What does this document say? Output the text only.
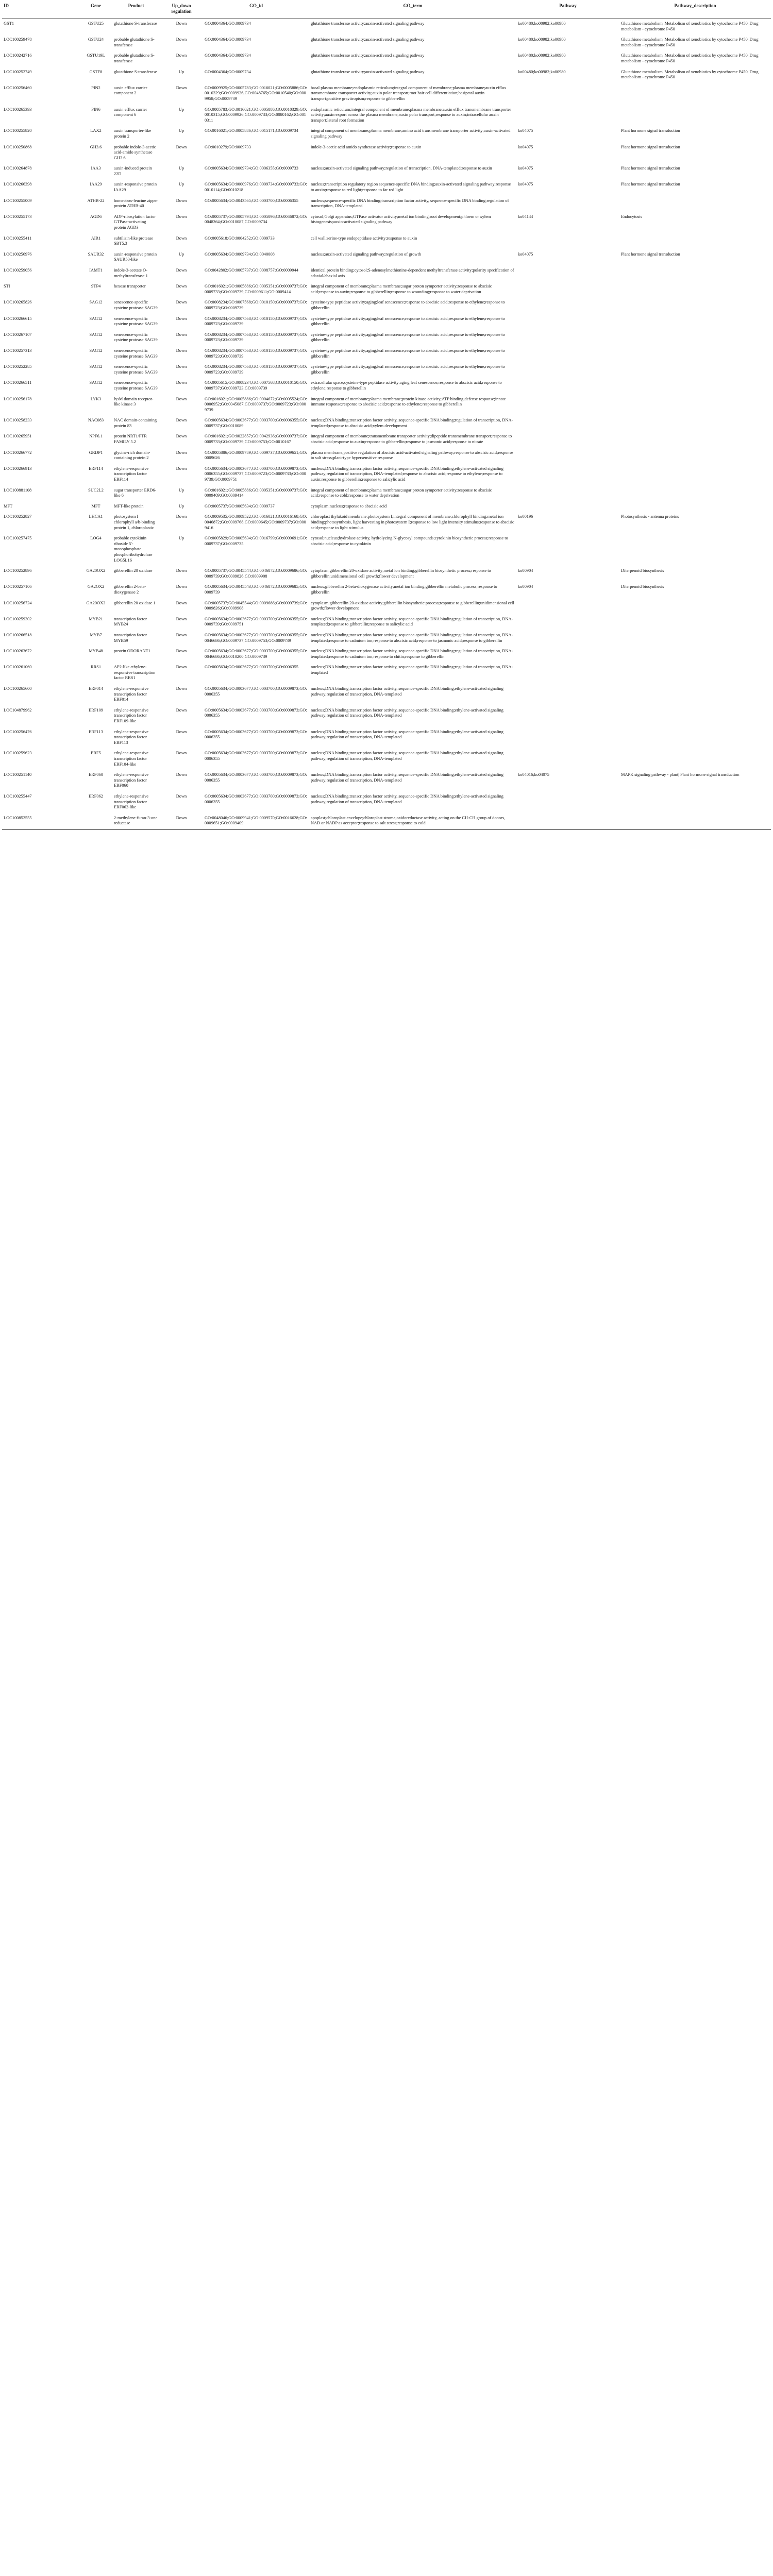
ID	Gene	Product	Up_down regulation	GO_id	GO_term	Pathway	Pathway_description
GST1	GSTU25	glutathione S-transferase	Down	GO:0004364;GO:0009734	glutathione transferase activity;auxin-activated signaling pathway	ko00480;ko00982;ko00980	Glutathione metabolism| Metabolism of xenobiotics by cytochrome P450| Drug metabolism - cytochrome P450
LOC100259478	GSTU24	probable glutathione S-transferase	Down	GO:0004364;GO:0009734	glutathione transferase activity;auxin-activated signaling pathway	ko00480;ko00982;ko00980	Glutathione metabolism| Metabolism of xenobiotics by cytochrome P450| Drug metabolism - cytochrome P450
LOC100242716	GSTU19L	probable glutathione S-transferase	Down	GO:0004364;GO:0009734	glutathione transferase activity;auxin-activated signaling pathway	ko00480;ko00982;ko00980	Glutathione metabolism| Metabolism of xenobiotics by cytochrome P450| Drug metabolism - cytochrome P450
LOC100252749	GSTF8	glutathione S-transferase	Up	GO:0004364;GO:0009734	glutathione transferase activity;auxin-activated signaling pathway	ko00480;ko00982;ko00980	Glutathione metabolism| Metabolism of xenobiotics by cytochrome P450| Drug metabolism - cytochrome P450
LOC100256460	PIN2	auxin efflux carrier component 2	Down	GO:0009925;GO:0005783;GO:0016021;GO:0005886;GO:0010329;GO:0009926;GO:0048765;GO:0010540;GO:0009958;GO:0009739	basal plasma membrane;endoplasmic reticulum;integral component of membrane;plasma membrane;auxin efflux transmembrane transporter activity;auxin polar transport;root hair cell differentiation;basipetal auxin transport;positive gravitropism;response to gibberellin		
LOC100265393	PIN6	auxin efflux carrier component 6	Up	GO:0005783;GO:0016021;GO:0005886;GO:0010329;GO:0010315;GO:0009926;GO:0009733;GO:0080162;GO:0010311	endoplasmic reticulum;integral component of membrane;plasma membrane;auxin efflux transmembrane transporter activity;auxin export across the plasma membrane;auxin polar transport;response to auxin;intracellular auxin transport;lateral root formation		
LOC100255820	LAX2	auxin transporter-like protein 2	Up	GO:0016021;GO:0005886;GO:0015171;GO:0009734	integral component of membrane;plasma membrane;amino acid transmembrane transporter activity;auxin-activated signaling pathway	ko04075	Plant hormone signal transduction
LOC100250868	GH3.6	probable indole-3-acetic acid-amido synthetase GH3.6	Down	GO:0010279;GO:0009733	indole-3-acetic acid amido synthetase activity;response to auxin	ko04075	Plant hormone signal transduction
LOC100264878	IAA3	auxin-induced protein 22D	Up	GO:0005634;GO:0009734;GO:0006355;GO:0009733	nucleus;auxin-activated signaling pathway;regulation of transcription, DNA-templated;response to auxin	ko04075	Plant hormone signal transduction
LOC100266398	IAA29	auxin-responsive protein IAA29	Up	GO:0005634;GO:0000976;GO:0009734;GO:0009733;GO:0010114;GO:0010218	nucleus;transcription regulatory region sequence-specific DNA binding;auxin-activated signaling pathway;response to auxin;response to red light;response to far red light	ko04075	Plant hormone signal transduction
LOC100255009	ATHB-22	homeobox-leucine zipper protein ATHB-40	Down	GO:0005634;GO:0043565;GO:0003700;GO:0006355	nucleus;sequence-specific DNA binding;transcription factor activity, sequence-specific DNA binding;regulation of transcription, DNA-templated		
LOC100255173	AGD6	ADP-ribosylation factor GTPase-activating protein AGD3	Down	GO:0005737;GO:0005794;GO:0005096;GO:0046872;GO:0048364;GO:0010087;GO:0009734	cytosol;Golgi apparatus;GTPase activator activity;metal ion binding;root development;phloem or xylem histogenesis;auxin-activated signaling pathway	ko04144	Endocytosis
LOC100255411	AIR1	subtilisin-like protease SBT5.3	Down	GO:0005618;GO:0004252;GO:0009733	cell wall;serine-type endopeptidase activity;response to auxin		
LOC100256976	SAUR32	auxin-responsive protein SAUR50-like	Up	GO:0005634;GO:0009734;GO:0040008	nucleus;auxin-activated signaling pathway;regulation of growth	ko04075	Plant hormone signal transduction
LOC100259056	IAMT1	indole-3-acetate O-methyltransferase 1	Down	GO:0042802;GO:0005737;GO:0008757;GO:0009944	identical protein binding;cytosol;S-adenosylmethionine-dependent methyltransferase activity;polarity specification of adaxial/abaxial axis		
STI	STP4	hexose transporter	Down	GO:0016021;GO:0005886;GO:0005351;GO:0009737;GO:0009733;GO:0009739;GO:0009611;GO:0009414	integral component of membrane;plasma membrane;sugar:proton symporter activity;response to abscisic acid;response to auxin;response to gibberellin;response to wounding;response to water deprivation		
LOC100265826	SAG12	senescence-specific cysteine protease SAG39	Down	GO:0008234;GO:0007568;GO:0010150;GO:0009737;GO:0009723;GO:0009739	cysteine-type peptidase activity;aging;leaf senescence;response to abscisic acid;response to ethylene;response to gibberellin		
LOC100266615	SAG12	senescence-specific cysteine protease SAG39	Down	GO:0008234;GO:0007568;GO:0010150;GO:0009737;GO:0009723;GO:0009739	cysteine-type peptidase activity;aging;leaf senescence;response to abscisic acid;response to ethylene;response to gibberellin		
LOC100267107	SAG12	senescence-specific cysteine protease SAG39	Down	GO:0008234;GO:0007568;GO:0010150;GO:0009737;GO:0009723;GO:0009739	cysteine-type peptidase activity;aging;leaf senescence;response to abscisic acid;response to ethylene;response to gibberellin		
LOC100257313	SAG12	senescence-specific cysteine protease SAG39	Down	GO:0008234;GO:0007568;GO:0010150;GO:0009737;GO:0009723;GO:0009739	cysteine-type peptidase activity;aging;leaf senescence;response to abscisic acid;response to ethylene;response to gibberellin		
LOC100252285	SAG12	senescence-specific cysteine protease SAG39	Down	GO:0008234;GO:0007568;GO:0010150;GO:0009737;GO:0009723;GO:0009739	cysteine-type peptidase activity;aging;leaf senescence;response to abscisic acid;response to ethylene;response to gibberellin		
LOC100266511	SAG12	senescence-specific cysteine protease SAG39	Down	GO:0005615;GO:0008234;GO:0007568;GO:0010150;GO:0009737;GO:0009723;GO:0009739	extracellular space;cysteine-type peptidase activity;aging;leaf senescence;response to abscisic acid;response to ethylene;response to gibberellin		
LOC100256178	LYK3	lysM domain receptor-like kinase 3	Down	GO:0016021;GO:0005886;GO:0004672;GO:0005524;GO:0006952;GO:0045087;GO:0009737;GO:0009723;GO:0009739	integral component of membrane;plasma membrane;protein kinase activity;ATP binding;defense response;innate immune response;response to abscisic acid;response to ethylene;response to gibberellin		
LOC100258233	NAC083	NAC domain-containing protein 83	Down	GO:0005634;GO:0003677;GO:0003700;GO:0006355;GO:0009737;GO:0010089	nucleus;DNA binding;transcription factor activity, sequence-specific DNA binding;regulation of transcription, DNA-templated;response to abscisic acid;xylem development		
LOC100265951	NPF6.1	protein NRT1/PTR FAMILY 5.2	Down	GO:0016021;GO:0022857;GO:0042936;GO:0009737;GO:0009733;GO:0009739;GO:0009753;GO:0010167	integral component of membrane;transmembrane transporter activity;dipeptide transmembrane transport;response to abscisic acid;response to auxin;response to gibberellin;response to jasmonic acid;response to nitrate		
LOC100266772	GRDP1	glycine-rich domain-containing protein 2	Down	GO:0005886;GO:0009789;GO:0009737;GO:0009651;GO:0009626	plasma membrane;positive regulation of abscisic acid-activated signaling pathway;response to abscisic acid;response to salt stress;plant-type hypersensitive response		
LOC100266913	ERF114	ethylene-responsive transcription factor ERF114	Down	GO:0005634;GO:0003677;GO:0003700;GO:0009873;GO:0006355;GO:0009737;GO:0009723;GO:0009733;GO:0009739;GO:0009751	nucleus;DNA binding;transcription factor activity, sequence-specific DNA binding;ethylene-activated signaling pathway;regulation of transcription, DNA-templated;response to abscisic acid;response to ethylene;response to auxin;response to gibberellin;response to salicylic acid		
LOC100881108	SUC2L2	sugar transporter ERD6-like 6	Up	GO:0016021;GO:0005886;GO:0005351;GO:0009737;GO:0009409;GO:0009414	integral component of membrane;plasma membrane;sugar:proton symporter activity;response to abscisic acid;response to cold;response to water deprivation		
MFT	MFT	MFT-like protein	Up	GO:0005737;GO:0005634;GO:0009737	cytoplasm;nucleus;response to abscisic acid		
LOC100252827	LHCA1	photosystem I chlorophyll a/b-binding protein 1, chloroplastic	Down	GO:0009535;GO:0009522;GO:0016021;GO:0016168;GO:0046872;GO:0009768;GO:0009645;GO:0009737;GO:0009416	chloroplast thylakoid membrane;photosystem I;integral component of membrane;chlorophyll binding;metal ion binding;photosynthesis, light harvesting in photosystem I;response to low light intensity stimulus;response to abscisic acid;response to light stimulus	ko00196	Photosynthesis - antenna proteins
LOC100257475	LOG4	probable cytokinin riboside 5'-monophosphate phosphoribohydrolase LOG5L16	Up	GO:0005829;GO:0005634;GO:0016799;GO:0009691;GO:0009737;GO:0009735	cytosol;nucleus;hydrolase activity, hydrolyzing N-glycosyl compounds;cytokinin biosynthetic process;response to abscisic acid;response to cytokinin		
LOC100252896	GA20OX2	gibberellin 20 oxidase	Down	GO:0005737;GO:0045544;GO:0046872;GO:0009686;GO:0009739;GO:0009826;GO:0009908	cytoplasm;gibberellin 20-oxidase activity;metal ion binding;gibberellin biosynthetic process;response to gibberellin;unidimensional cell growth;flower development	ko00904	Diterpenoid biosynthesis
LOC100257106	GA2OX2	gibberellin 2-beta-dioxygenase 2	Down	GO:0005634;GO:0045543;GO:0046872;GO:0009685;GO:0009739	nucleus;gibberellin 2-beta-dioxygenase activity;metal ion binding;gibberellin metabolic process;response to gibberellin	ko00904	Diterpenoid biosynthesis
LOC100256724	GA20OX3	gibberellin 20 oxidase 1	Down	GO:0005737;GO:0045544;GO:0009686;GO:0009739;GO:0009826;GO:0009908	cytoplasm;gibberellin 20-oxidase activity;gibberellin biosynthetic process;response to gibberellin;unidimensional cell growth;flower development		
LOC100259302	MYB21	transcription factor MYB24	Down	GO:0005634;GO:0003677;GO:0003700;GO:0006355;GO:0009739;GO:0009751	nucleus;DNA binding;transcription factor activity, sequence-specific DNA binding;regulation of transcription, DNA-templated;response to gibberellin;response to salicylic acid		
LOC100266518	MYB7	transcription factor MYB59	Down	GO:0005634;GO:0003677;GO:0003700;GO:0006355;GO:0046686;GO:0009737;GO:0009753;GO:0009739	nucleus;DNA binding;transcription factor activity, sequence-specific DNA binding;regulation of transcription, DNA-templated;response to cadmium ion;response to abscisic acid;response to jasmonic acid;response to gibberellin		
LOC100263672	MYB48	protein ODORANT1	Down	GO:0005634;GO:0003677;GO:0003700;GO:0006355;GO:0046686;GO:0010200;GO:0009739	nucleus;DNA binding;transcription factor activity, sequence-specific DNA binding;regulation of transcription, DNA-templated;response to cadmium ion;response to chitin;response to gibberellin		
LOC100261060	RRS1	AP2-like ethylene-responsive transcription factor RRS1	Down	GO:0005634;GO:0003677;GO:0003700;GO:0006355	nucleus;DNA binding;transcription factor activity, sequence-specific DNA binding;regulation of transcription, DNA-templated		
LOC100265600	ERF014	ethylene-responsive transcription factor ERF014	Down	GO:0005634;GO:0003677;GO:0003700;GO:0009873;GO:0006355	nucleus;DNA binding;transcription factor activity, sequence-specific DNA binding;ethylene-activated signaling pathway;regulation of transcription, DNA-templated		
LOC104879962	ERF109	ethylene-responsive transcription factor ERF109-like	Down	GO:0005634;GO:0003677;GO:0003700;GO:0009873;GO:0006355	nucleus;DNA binding;transcription factor activity, sequence-specific DNA binding;ethylene-activated signaling pathway;regulation of transcription, DNA-templated		
LOC100256476	ERF113	ethylene-responsive transcription factor ERF113	Down	GO:0005634;GO:0003677;GO:0003700;GO:0009873;GO:0006355	nucleus;DNA binding;transcription factor activity, sequence-specific DNA binding;ethylene-activated signaling pathway;regulation of transcription, DNA-templated		
LOC100259623	ERF5	ethylene-responsive transcription factor ERF104-like	Down	GO:0005634;GO:0003677;GO:0003700;GO:0009873;GO:0006355	nucleus;DNA binding;transcription factor activity, sequence-specific DNA binding;ethylene-activated signaling pathway;regulation of transcription, DNA-templated		
LOC100251140	ERF060	ethylene-responsive transcription factor ERF060	Down	GO:0005634;GO:0003677;GO:0003700;GO:0009873;GO:0006355	nucleus;DNA binding;transcription factor activity, sequence-specific DNA binding;ethylene-activated signaling pathway;regulation of transcription, DNA-templated	ko04016;ko04075	MAPK signaling pathway - plant| Plant hormone signal transduction
LOC100255447	ERF062	ethylene-responsive transcription factor ERF062-like	Down	GO:0005634;GO:0003677;GO:0003700;GO:0009873;GO:0006355	nucleus;DNA binding;transcription factor activity, sequence-specific DNA binding;ethylene-activated signaling pathway;regulation of transcription, DNA-templated		
LOC100852555		2-methylene-furan-3-one reductase	Down	GO:0048046;GO:0009941;GO:0009570;GO:0016628;GO:0009651;GO:0009409	apoplast;chloroplast envelope;chloroplast stroma;oxidoreductase activity, acting on the CH-CH group of donors, NAD or NADP as acceptor;response to salt stress;response to cold		
